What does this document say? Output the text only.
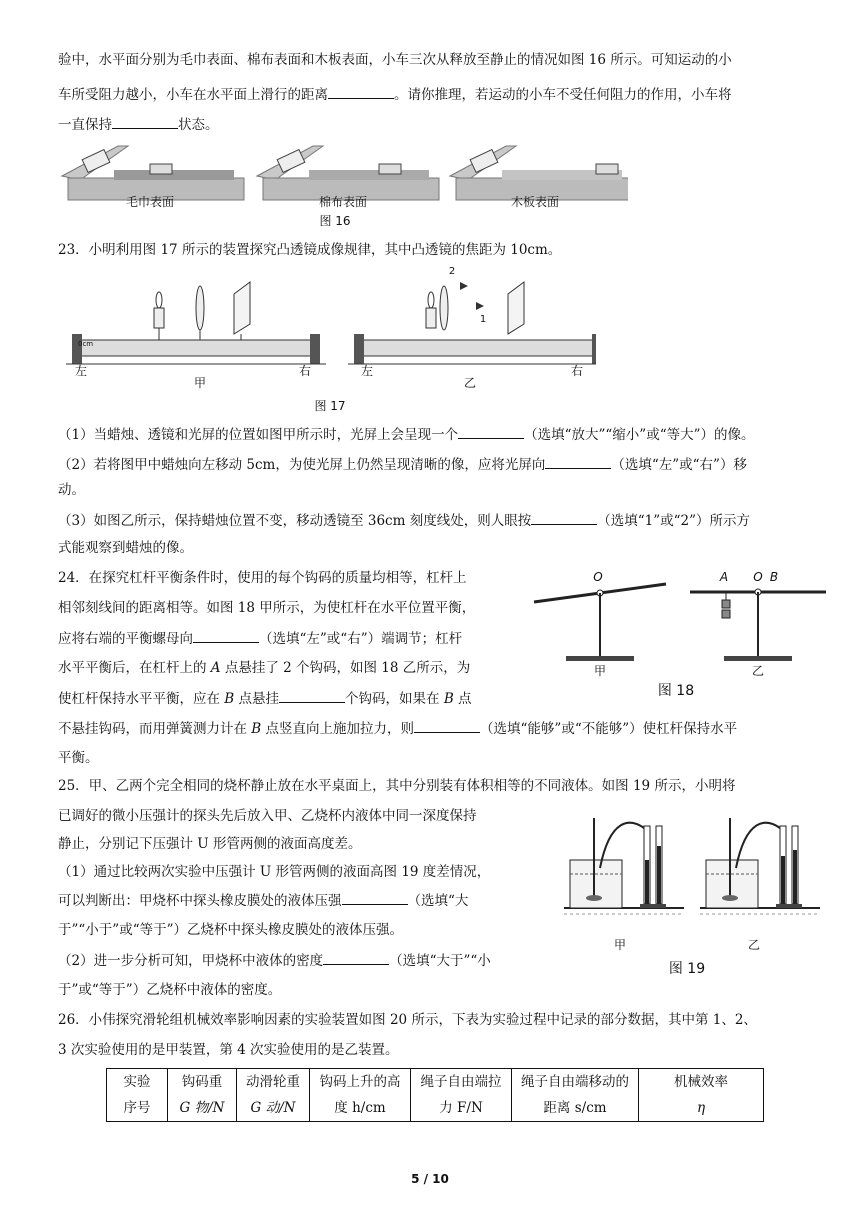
验中，水平面分别为毛巾表面、棉布表面和木板表面，小车三次从释放至静止的情况如图 16 所示。可知运动的小
车所受阻力越小，小车在水平面上滑行的距离	。请你推理，若运动的小车不受任何阻力的作用，小车将
一直保持	状态。
毛巾表面	棉布表面	木板表面
图 16
23．小明利用图 17 所示的装置探究凸透镜成像规律，其中凸透镜的焦距为 10cm。
0cm
左	右
甲
左	右
乙
2
1
图 17
（1）当蜡烛、透镜和光屏的位置如图甲所示时，光屏上会呈现一个	（选填“放大”“缩小”或“等大”）的像。
（2）若将图甲中蜡烛向左移动 5cm，为使光屏上仍然呈现清晰的像，应将光屏向	（选填“左”或“右”）移
动。
（3）如图乙所示，保持蜡烛位置不变，移动透镜至 36cm 刻度线处，则人眼按	（选填“1”或“2”）所示方
式能观察到蜡烛的像。
24．在探究杠杆平衡条件时，使用的每个钩码的质量均相等，杠杆上
相邻刻线间的距离相等。如图 18 甲所示，为使杠杆在水平位置平衡，
应将右端的平衡螺母向	（选填“左”或“右”）端调节；杠杆
水平平衡后，在杠杆上的 A 点悬挂了 2 个钩码，如图 18 乙所示，为
使杠杆保持水平平衡，应在 B 点悬挂	个钩码，如果在 B 点
不悬挂钩码，而用弹簧测力计在 B 点竖直向上施加拉力，则	（选填“能够”或“不能够”）使杠杆保持水平
平衡。
O	A O B
甲	乙
图 18
25．甲、乙两个完全相同的烧杯静止放在水平桌面上，其中分别装有体积相等的不同液体。如图 19 所示，小明将
已调好的微小压强计的探头先后放入甲、乙烧杯内液体中同一深度保持
静止，分别记下压强计 U 形管两侧的液面高度差。
（1）通过比较两次实验中压强计 U 形管两侧的液面高图 19 度差情况，
可以判断出：甲烧杯中探头橡皮膜处的液体压强	（选填“大
于”“小于”或“等于”）乙烧杯中探头橡皮膜处的液体压强。
（2）进一步分析可知，甲烧杯中液体的密度	（选填“大于”“小
于”或“等于”）乙烧杯中液体的密度。
甲	乙
图 19
26．小伟探究滑轮组机械效率影响因素的实验装置如图 20 所示，下表为实验过程中记录的部分数据，其中第 1、2、
3 次实验使用的是甲装置，第 4 次实验使用的是乙装置。
实验	钩码重	动滑轮重	钩码上升的高	绳子自由端拉	绳子自由端移动的	机械效率
序号	G 物/N	G 动/N	度 h/cm	力 F/N	距离 s/cm	η
5 / 10
